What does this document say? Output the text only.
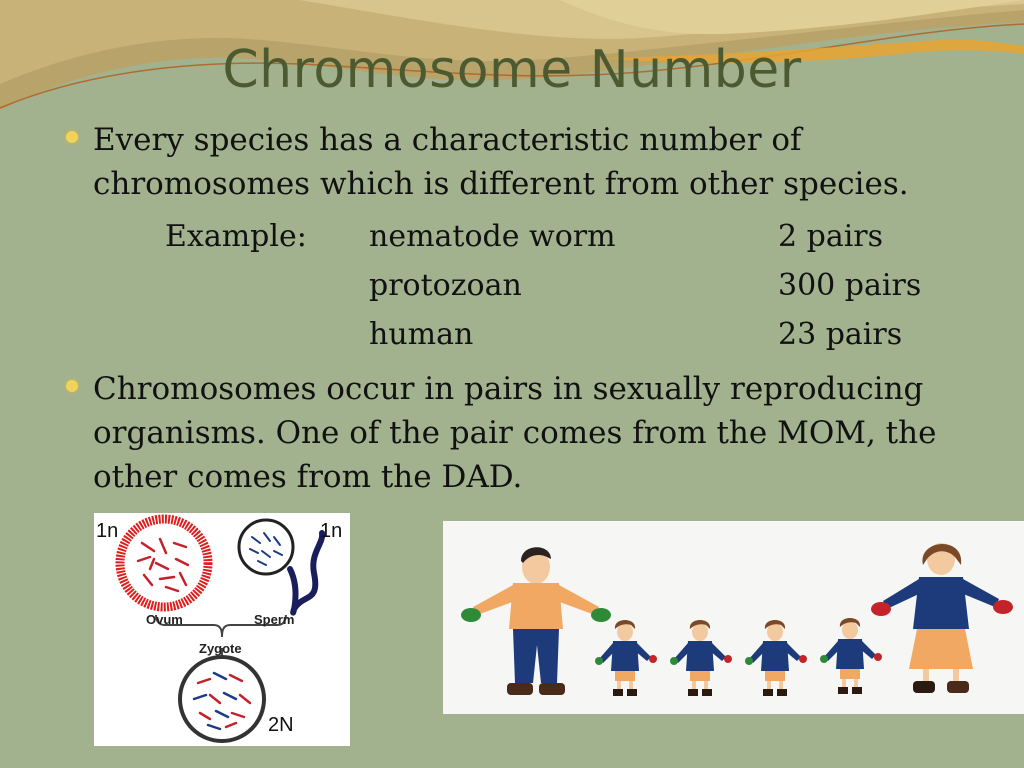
Chromosome Number
Every species has a characteristic number of chromosomes which is different from other species.
Example: nematode worm	2 pairs
protozoan	300 pairs
human	23 pairs
Chromosomes occur in pairs in sexually reproducing organisms. One of the pair comes from the MOM, the other comes from the DAD.
1n	1n
Ovum	Sperm
Zygote
2N
